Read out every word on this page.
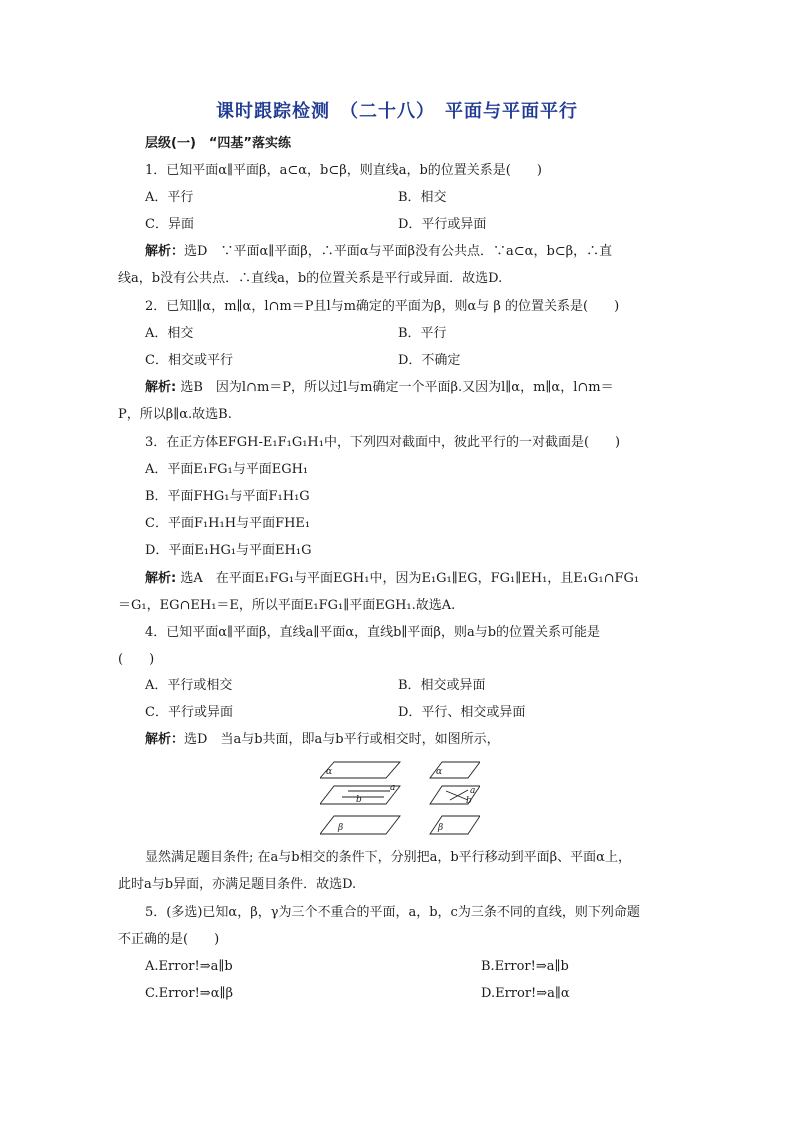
课时跟踪检测　（二十八）　平面与平面平行
层级(一)　“四基”落实练
1．已知平面α∥平面β，a⊂α，b⊂β，则直线a，b的位置关系是(　　)
A．平行	B．相交
C．异面	D．平行或异面
解析：选D　∵平面α∥平面β，∴平面α与平面β没有公共点．∵a⊂α，b⊂β，∴直
线a，b没有公共点．∴直线a，b的位置关系是平行或异面．故选D.
2．已知l∥α，m∥α，l∩m＝P且l与m确定的平面为β，则α与 β 的位置关系是(　　)
A．相交	B．平行
C．相交或平行	D．不确定
解析: 选B　因为l∩m＝P，所以过l与m确定一个平面β.又因为l∥α，m∥α，l∩m＝
P，所以β∥α.故选B.
3．在正方体EFGH-E₁F₁G₁H₁中，下列四对截面中，彼此平行的一对截面是(　　)
A．平面E₁FG₁与平面EGH₁
B．平面FHG₁与平面F₁H₁G
C．平面F₁H₁H与平面FHE₁
D．平面E₁HG₁与平面EH₁G
解析: 选A　在平面E₁FG₁与平面EGH₁中，因为E₁G₁∥EG，FG₁∥EH₁，且E₁G₁∩FG₁
＝G₁，EG∩EH₁＝E，所以平面E₁FG₁∥平面EGH₁.故选A.
4．已知平面α∥平面β，直线a∥平面α，直线b∥平面β，则a与b的位置关系可能是
(　　)
A．平行或相交	B．相交或异面
C．平行或异面	D．平行、相交或异面
解析：选D　当a与b共面，即a与b平行或相交时，如图所示，
α
a
b
β
α
a
b
β
显然满足题目条件; 在a与b相交的条件下，分别把a，b平行移动到平面β、平面α上，
此时a与b异面，亦满足题目条件．故选D.
5．(多选)已知α，β，γ为三个不重合的平面，a，b，c为三条不同的直线，则下列命题
不正确的是(　　)
A.Error!⇒a∥b	B.Error!⇒a∥b
C.Error!⇒α∥β	D.Error!⇒a∥α
